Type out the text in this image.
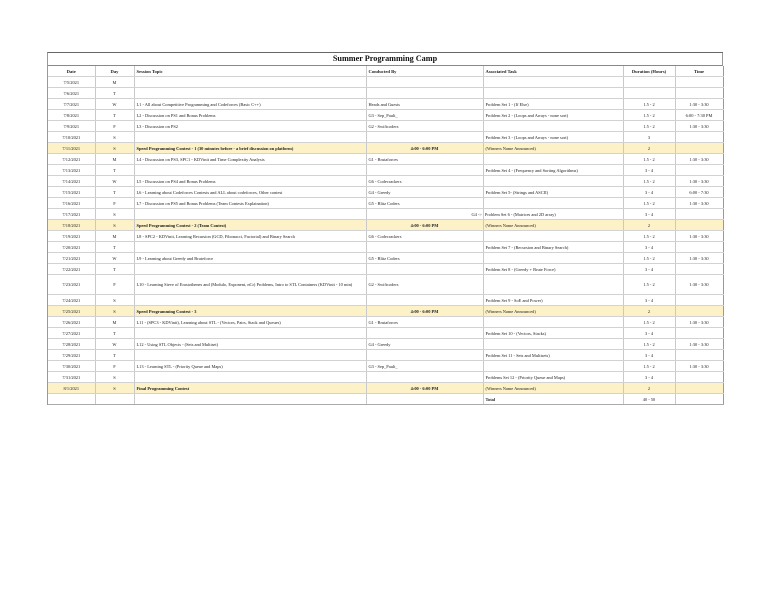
Summer Programming Camp
Date	Day	Session Topic	Conducted By	Associated Task	Duration (Hours)	Time
7/5/2021	M					
7/6/2021	T					
7/7/2021	W	L1 - All about Competitive Programming and Codeforces (Basic C++)	Heads and Guests	Problem Set 1 - (If Else)	1.5 - 2	1:30 - 3:30
7/8/2021	T	L2 - Discussion on PS1 and Bonus Problems	G3 - Sep_Pault_	Problem Set 2 - (Loops and Arrays - none sort)	1.5 - 2	6:00 - 7:30 PM
7/9/2021	F	L3 - Discussion on PS2	G2 - Swiftcoders		1.5 - 2	1:30 - 3:30
7/10/2021	S			Problem Set 3 - (Loops and Arrays - none sort)	3	
7/11/2021	S	Speed Programming Contest - 1 (30 minutes before - a brief discussion on platform)	4:00 - 6:00 PM	(Winners Name Announced)	2	
7/12/2021	M	L4 - Discussion on PS3, SPC1 - KDVinit and Time Complexity Analysis	G1 - Brutaforces		1.5 - 2	1:30 - 3:30
7/13/2021	T			Problem Set 4 - (Frequency and Sorting Algorithms)	3 - 4	
7/14/2021	W	L5 - Discussion on PS4 and Bonus Problems	G6 - Codecrackers		1.5 - 2	1:30 - 3:30
7/15/2021	T	L6 - Learning about Codeforces Contests and ALL about codeforces, Other contest	G4 - Greedy	Problem Set 5- (Strings and ASCII)	3 - 4	6:00 - 7:30
7/16/2021	F	L7 - Discussion on PS5 and Bonus Problems (Team Contests Explaination)	G5 - Blitz Coders		1.5 - 2	1:30 - 3:30
7/17/2021	S			G4 -> Problem Set 6 - (Matrices and 2D array)	3 - 4	
7/18/2021	S	Speed Programming Contest - 2 (Team Contest)	4:00 - 6:00 PM	(Winners Name Announced)	2	
7/19/2021	M	L8 - SPC2 - KDVinit, Learning Recursion (GCD, Fibonacci, Factorial) and Binary Search	G6 - Codecrackers		1.5 - 2	1:30 - 3:30
7/20/2021	T			Problem Set 7 - (Recursion and Binary Search)	3 - 4	
7/21/2021	W	L9 - Learning about Greedy and Bruteforce	G5 - Blitz Coders		1.5 - 2	1:30 - 3:30
7/22/2021	T			Problem Set 8 - (Greedy + Brute Force)	3 - 4	
7/23/2021	F	L10 - Learning Sieve of Erastothenes and (Modulo, Exponent, nCr) Problems, Intro to STL Containers (KDVinit - 10 min)	G2 - Swiftcoders		1.5 - 2	1:30 - 3:30
7/24/2021	S			Problem Set 9 - SoE and Power)	3 - 4	
7/25/2021	S	Speed Programming Contest - 3	4:00 - 6:00 PM	(Winners Name Announced)	2	
7/26/2021	M	L11 - (SPC3 - KDVinit), Learning about STL - (Vectors, Pairs, Stack and Queues)	G1 - Brutaforces		1.5 - 2	1:30 - 3:30
7/27/2021	T			Problem Set 10 - (Vectors, Stacks)	3 - 4	
7/28/2021	W	L12 - Using STL Objects - (Sets and Multiset)	G4 - Greedy		1.5 - 2	1:30 - 3:30
7/29/2021	T			Problem Set 11 - Sets and Multisets)	3 - 4	
7/30/2021	F	L13 - Learning STL - (Priority Queue and Maps)	G3 - Sep_Pault_		1.5 - 2	1:30 - 3:30
7/31/2021	S			Problems Set 12 - (Priority Queue and Maps)	3 - 4	
8/1/2021	S	Final Programming Contest	4:00 - 6:00 PM	(Winners Name Announced)	2	
				Total	40 - 50	
